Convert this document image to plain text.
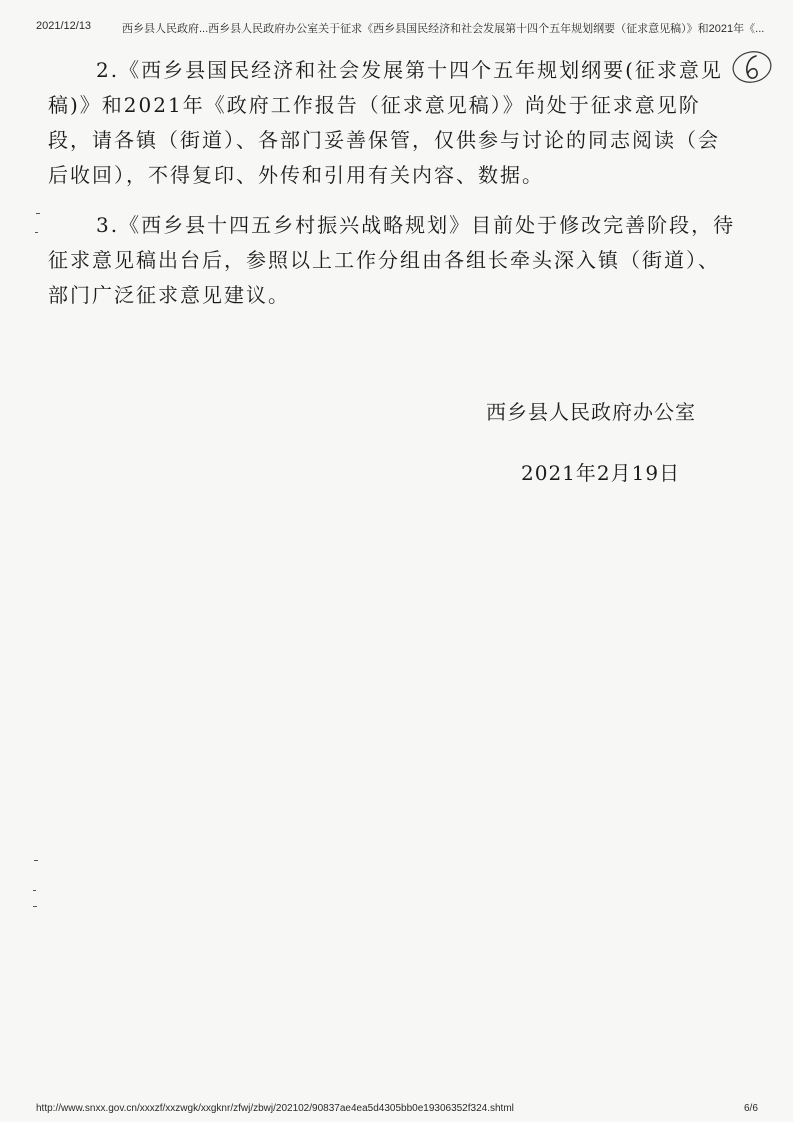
2021/12/13	西乡县人民政府...西乡县人民政府办公室关于征求《西乡县国民经济和社会发展第十四个五年规划纲要（征求意见稿）》和2021年《...
2.《西乡县国民经济和社会发展第十四个五年规划纲要(征求意见稿)》和2021年《政府工作报告（征求意见稿）》尚处于征求意见阶段，请各镇（街道）、各部门妥善保管，仅供参与讨论的同志阅读（会后收回），不得复印、外传和引用有关内容、数据。
3.《西乡县十四五乡村振兴战略规划》目前处于修改完善阶段，待征求意见稿出台后，参照以上工作分组由各组长牵头深入镇（街道）、部门广泛征求意见建议。
西乡县人民政府办公室
2021年2月19日
http://www.snxx.gov.cn/xxxzf/xxzwgk/xxgknr/zfwj/zbwj/202102/90837ae4ea5d4305bb0e19306352f324.shtml	6/6
